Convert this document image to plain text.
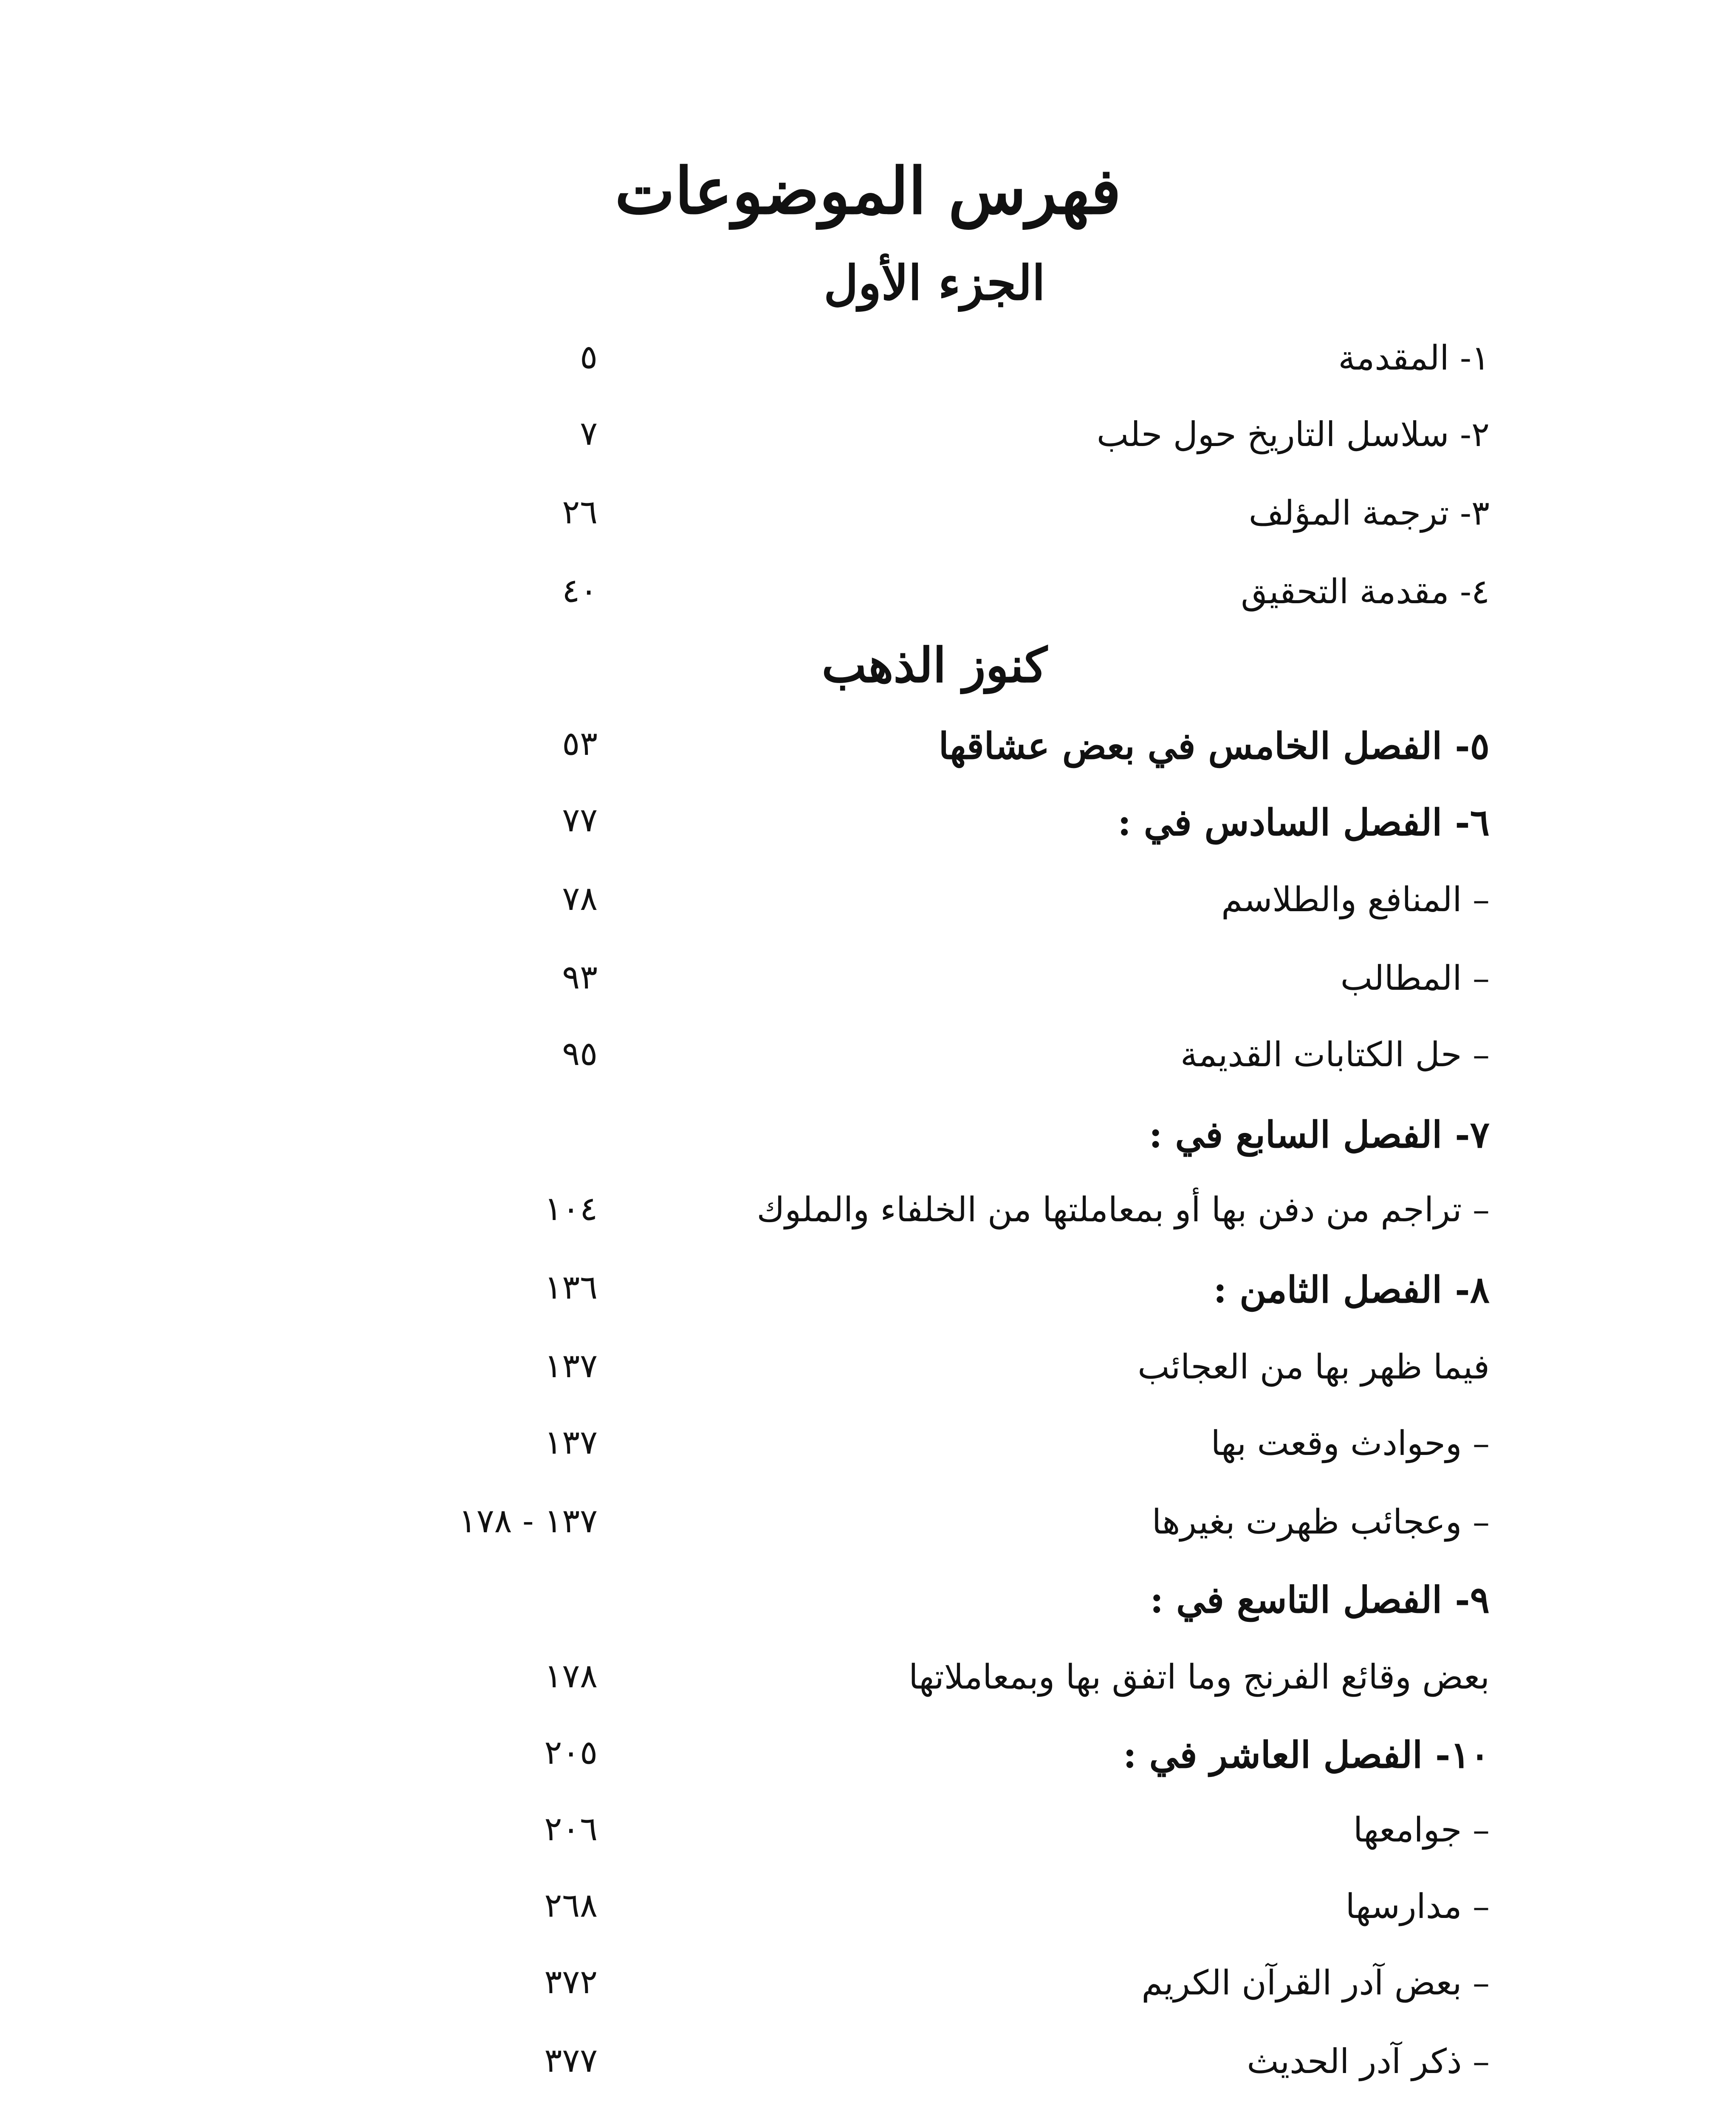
فهرس الموضوعات
الجزء الأول
١- المقدمة
٥
٢- سلاسل التاريخ حول حلب
٧
٣- ترجمة المؤلف
٢٦
٤- مقدمة التحقيق
٤٠
كنوز الذهب
٥- الفصل الخامس في بعض عشاقها
٥٣
٦- الفصل السادس في :
٧٧
– المنافع والطلاسم
٧٨
– المطالب
٩٣
– حل الكتابات القديمة
٩٥
٧- الفصل السابع في :
– تراجم من دفن بها أو بمعاملتها من الخلفاء والملوك
١٠٤
٨- الفصل الثامن :
١٣٦
فيما ظهر بها من العجائب
١٣٧
– وحوادث وقعت بها
١٣٧
– وعجائب ظهرت بغيرها
١٣٧ - ١٧٨
٩- الفصل التاسع في :
بعض وقائع الفرنج وما اتفق بها وبمعاملاتها
١٧٨
١٠- الفصل العاشر في :
٢٠٥
– جوامعها
٢٠٦
– مدارسها
٢٦٨
– بعض آدر القرآن الكريم
٣٧٢
– ذكر آدر الحديث
٣٧٧
